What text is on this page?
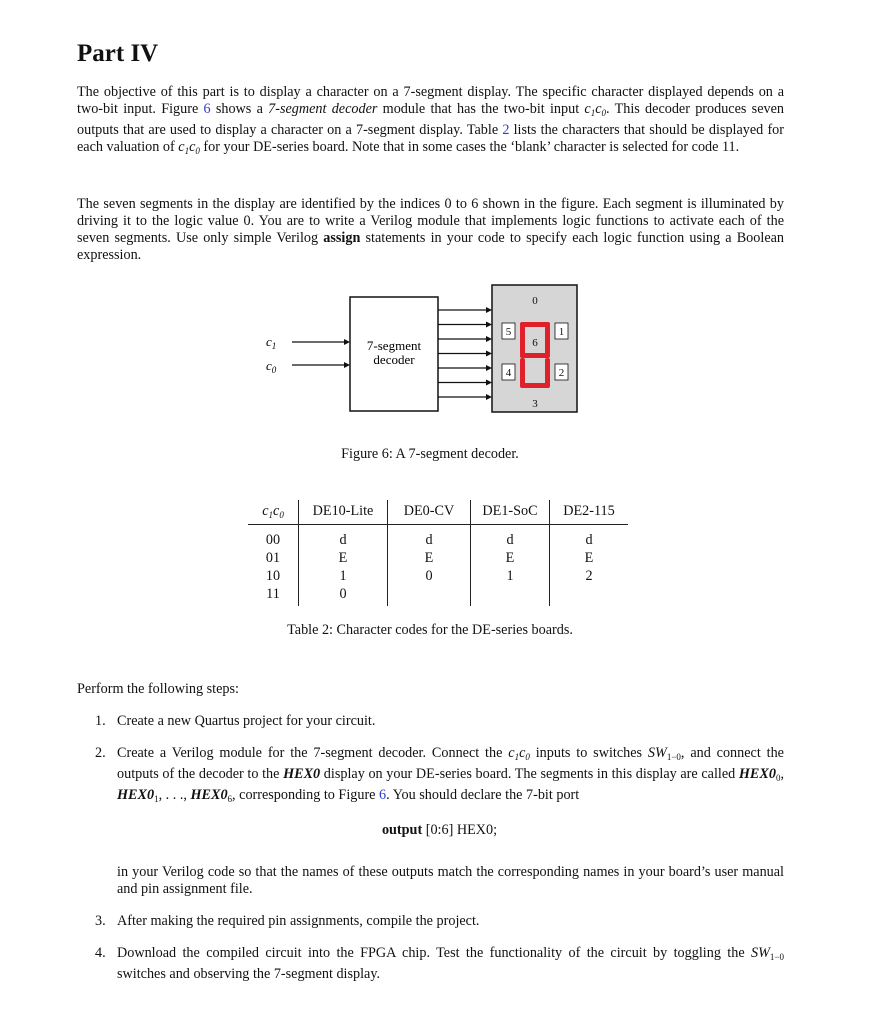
Part IV
The objective of this part is to display a character on a 7-segment display. The specific character displayed depends on a two-bit input. Figure 6 shows a 7-segment decoder module that has the two-bit input $c_1c_0$. This decoder produces seven outputs that are used to display a character on a 7-segment display. Table 2 lists the characters that should be displayed for each valuation of $c_1c_0$ for your DE-series board. Note that in some cases the ‘blank’ character is selected for code 11.
The seven segments in the display are identified by the indices 0 to 6 shown in the figure. Each segment is illuminated by driving it to the logic value 0. You are to write a Verilog module that implements logic functions to activate each of the seven segments. Use only simple Verilog assign statements in your code to specify each logic function using a Boolean expression.
$c_1$
$c_0$
7-segment
decoder
0
1
2
3
4
5
6
Figure 6: A 7-segment decoder.
$c_1c_0$	DE10-Lite	DE0-CV	DE1-SoC	DE2-115
00	d	d	d	d
01	E	E	E	E
10	1	0	1	2
11	0			
Table 2: Character codes for the DE-series boards.
Perform the following steps:
1. Create a new Quartus project for your circuit.
2. Create a Verilog module for the 7-segment decoder. Connect the $c_1c_0$ inputs to switches $SW_{1-0}$, and connect the outputs of the decoder to the HEX0 display on your DE-series board. The segments in this display are called $HEX0_0$, $HEX0_1$, . . ., $HEX0_6$, corresponding to Figure 6. You should declare the 7-bit port
output [0:6] HEX0;
in your Verilog code so that the names of these outputs match the corresponding names in your board’s user manual and pin assignment file.
3. After making the required pin assignments, compile the project.
4. Download the compiled circuit into the FPGA chip. Test the functionality of the circuit by toggling the $SW_{1-0}$ switches and observing the 7-segment display.
